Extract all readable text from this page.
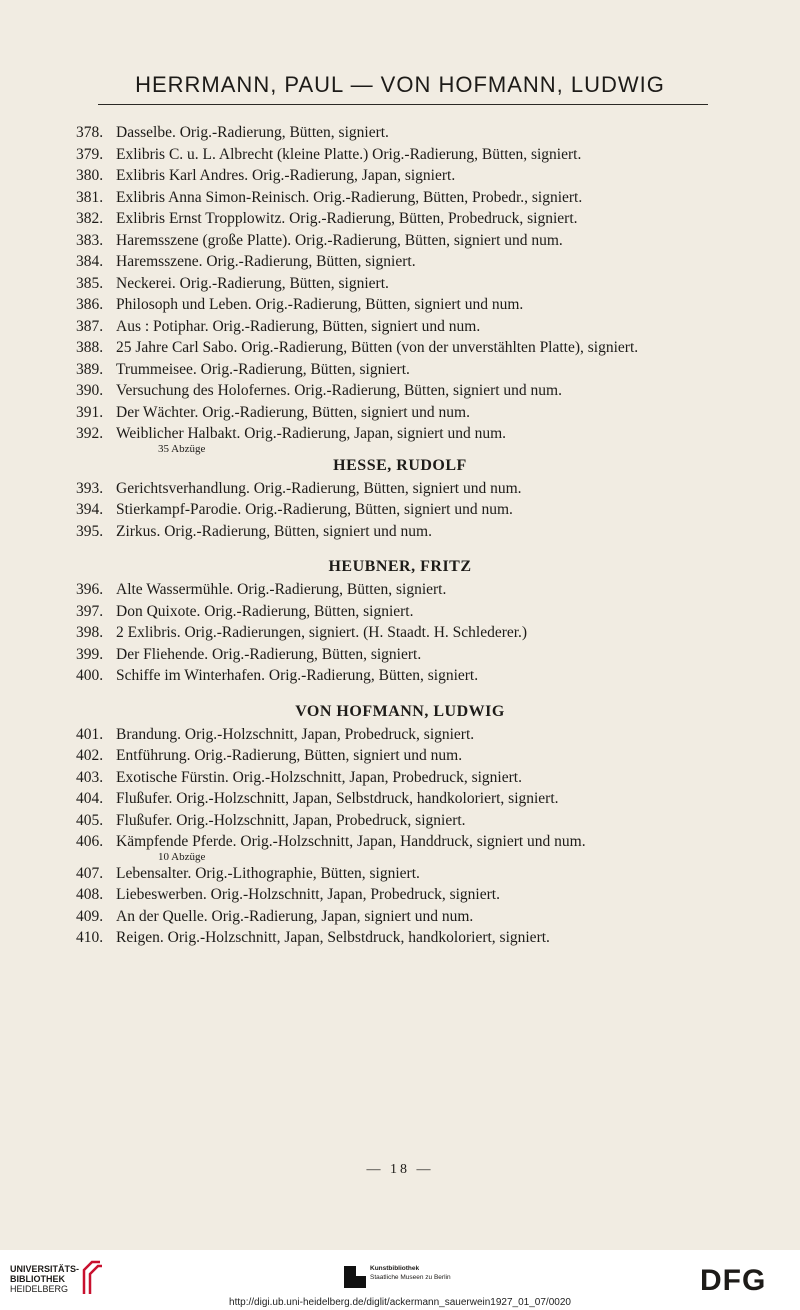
HERRMANN, PAUL — VON HOFMANN, LUDWIG
378. Dasselbe. Orig.-Radierung, Bütten, signiert.
379. Exlibris C. u. L. Albrecht (kleine Platte.) Orig.-Radierung, Bütten, signiert.
380. Exlibris Karl Andres. Orig.-Radierung, Japan, signiert.
381. Exlibris Anna Simon-Reinisch. Orig.-Radierung, Bütten, Probedr., signiert.
382. Exlibris Ernst Tropplowitz. Orig.-Radierung, Bütten, Probedruck, signiert.
383. Haremsszene (große Platte). Orig.-Radierung, Bütten, signiert und num.
384. Haremsszene. Orig.-Radierung, Bütten, signiert.
385. Neckerei. Orig.-Radierung, Bütten, signiert.
386. Philosoph und Leben. Orig.-Radierung, Bütten, signiert und num.
387. Aus : Potiphar. Orig.-Radierung, Bütten, signiert und num.
388. 25 Jahre Carl Sabo. Orig.-Radierung, Bütten (von der unverstählten Platte), signiert.
389. Trummeisee. Orig.-Radierung, Bütten, signiert.
390. Versuchung des Holofernes. Orig.-Radierung, Bütten, signiert und num.
391. Der Wächter. Orig.-Radierung, Bütten, signiert und num.
392. Weiblicher Halbakt. Orig.-Radierung, Japan, signiert und num.
35 Abzüge
HESSE, RUDOLF
393. Gerichtsverhandlung. Orig.-Radierung, Bütten, signiert und num.
394. Stierkampf-Parodie. Orig.-Radierung, Bütten, signiert und num.
395. Zirkus. Orig.-Radierung, Bütten, signiert und num.
HEUBNER, FRITZ
396. Alte Wassermühle. Orig.-Radierung, Bütten, signiert.
397. Don Quixote. Orig.-Radierung, Bütten, signiert.
398. 2 Exlibris. Orig.-Radierungen, signiert. (H. Staadt. H. Schlederer.)
399. Der Fliehende. Orig.-Radierung, Bütten, signiert.
400. Schiffe im Winterhafen. Orig.-Radierung, Bütten, signiert.
VON HOFMANN, LUDWIG
401. Brandung. Orig.-Holzschnitt, Japan, Probedruck, signiert.
402. Entführung. Orig.-Radierung, Bütten, signiert und num.
403. Exotische Fürstin. Orig.-Holzschnitt, Japan, Probedruck, signiert.
404. Flußufer. Orig.-Holzschnitt, Japan, Selbstdruck, handkoloriert, signiert.
405. Flußufer. Orig.-Holzschnitt, Japan, Probedruck, signiert.
406. Kämpfende Pferde. Orig.-Holzschnitt, Japan, Handdruck, signiert und num.
10 Abzüge
407. Lebensalter. Orig.-Lithographie, Bütten, signiert.
408. Liebeswerben. Orig.-Holzschnitt, Japan, Probedruck, signiert.
409. An der Quelle. Orig.-Radierung, Japan, signiert und num.
410. Reigen. Orig.-Holzschnitt, Japan, Selbstdruck, handkoloriert, signiert.
— 18 —
UNIVERSITÄTS-
BIBLIOTHEK
HEIDELBERG
Kunstbibliothek
Staatliche Museen zu Berlin	DFG
http://digi.ub.uni-heidelberg.de/diglit/ackermann_sauerwein1927_01_07/0020
